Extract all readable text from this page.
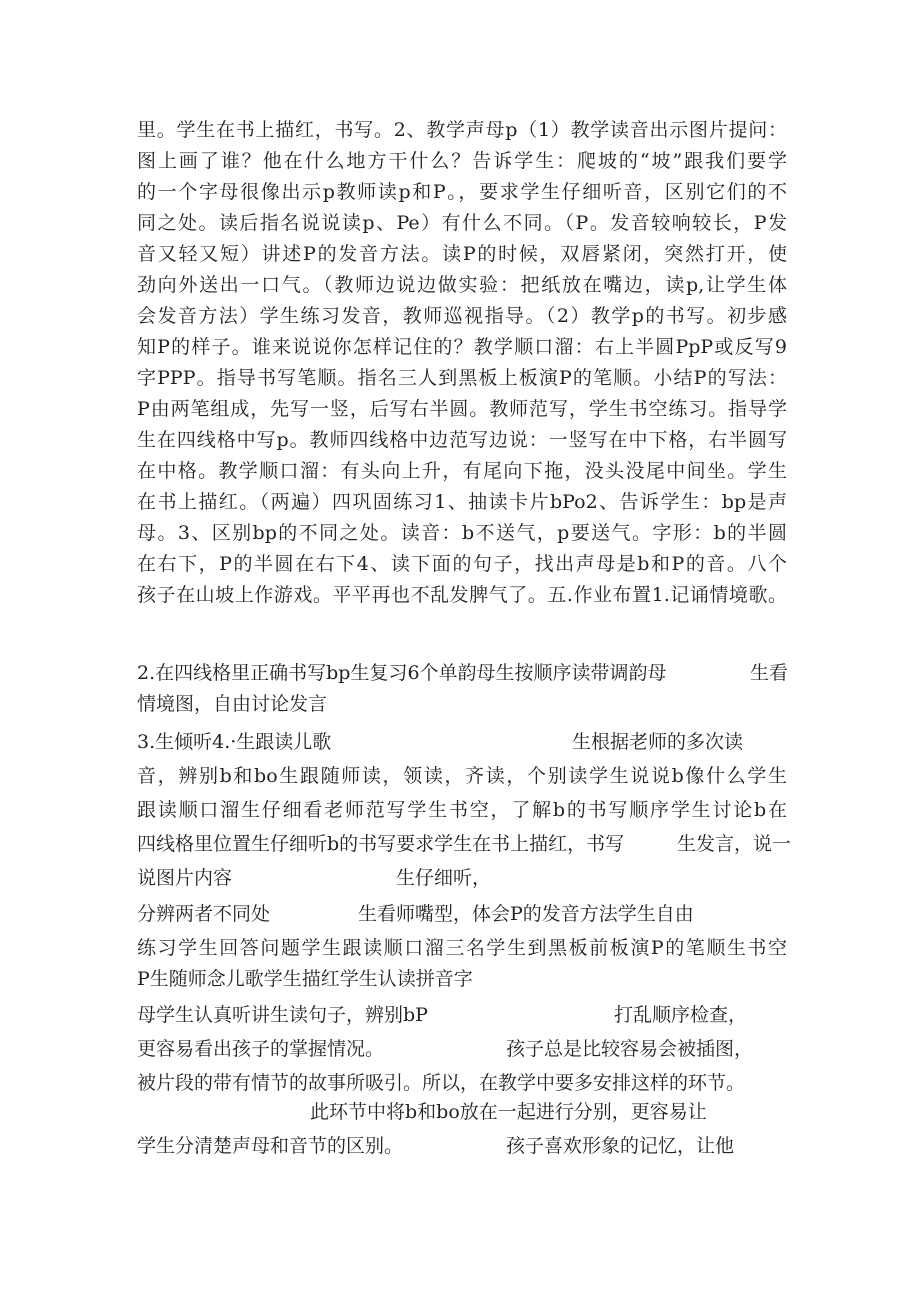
里。学生在书上描红，书写。2、教学声母p（1）教学读音出示图片提问：
图上画了谁？他在什么地方干什么？告诉学生：爬坡的“坡”跟我们要学
的一个字母很像出示p教师读p和P。，要求学生仔细听音，区别它们的不
同之处。读后指名说说读p、Pe）有什么不同。（P。发音较响较长，P发
音又轻又短）讲述P的发音方法。读P的时候，双唇紧闭，突然打开，使
劲向外送出一口气。（教师边说边做实验：把纸放在嘴边，读p,让学生体
会发音方法）学生练习发音，教师巡视指导。（2）教学p的书写。初步感
知P的样子。谁来说说你怎样记住的？教学顺口溜：右上半圆PpP或反写9
字PPP。指导书写笔顺。指名三人到黑板上板演P的笔顺。小结P的写法：
P由两笔组成，先写一竖，后写右半圆。教师范写，学生书空练习。指导学
生在四线格中写p。教师四线格中边范写边说：一竖写在中下格，右半圆写
在中格。教学顺口溜：有头向上升，有尾向下拖，没头没尾中间坐。学生
在书上描红。（两遍）四巩固练习1、抽读卡片bPo2、告诉学生：bp是声
母。3、区别bp的不同之处。读音：b不送气，p要送气。字形：b的半圆
在右下，P的半圆在右下4、读下面的句子，找出声母是b和P的音。八个
孩子在山坡上作游戏。平平再也不乱发脾气了。五.作业布置1.记诵情境歌。
2.在四线格里正确书写bp生复习6个单韵母生按顺序读带调韵母
情境图，自由讨论发言
生看
3.生倾听4.·生跟读儿歌	生根据老师的多次读
音，辨别b和bo生跟随师读，领读，齐读，个别读学生说说b像什么学生
跟读顺口溜生仔细看老师范写学生书空，了解b的书写顺序学生讨论b在
四线格里位置生仔细听b的书写要求学生在书上描红，书写	生发言，说一
说图片内容	生仔细听，
分辨两者不同处	生看师嘴型，体会P的发音方法学生自由
练习学生回答问题学生跟读顺口溜三名学生到黑板前板演P的笔顺生书空
P生随师念儿歌学生描红学生认读拼音字
母学生认真听讲生读句子，辨别bP	打乱顺序检查，
更容易看出孩子的掌握情况。	孩子总是比较容易会被插图，
被片段的带有情节的故事所吸引。所以，在教学中要多安排这样的环节。
此环节中将b和bo放在一起进行分别，更容易让
学生分清楚声母和音节的区别。	孩子喜欢形象的记忆，让他
